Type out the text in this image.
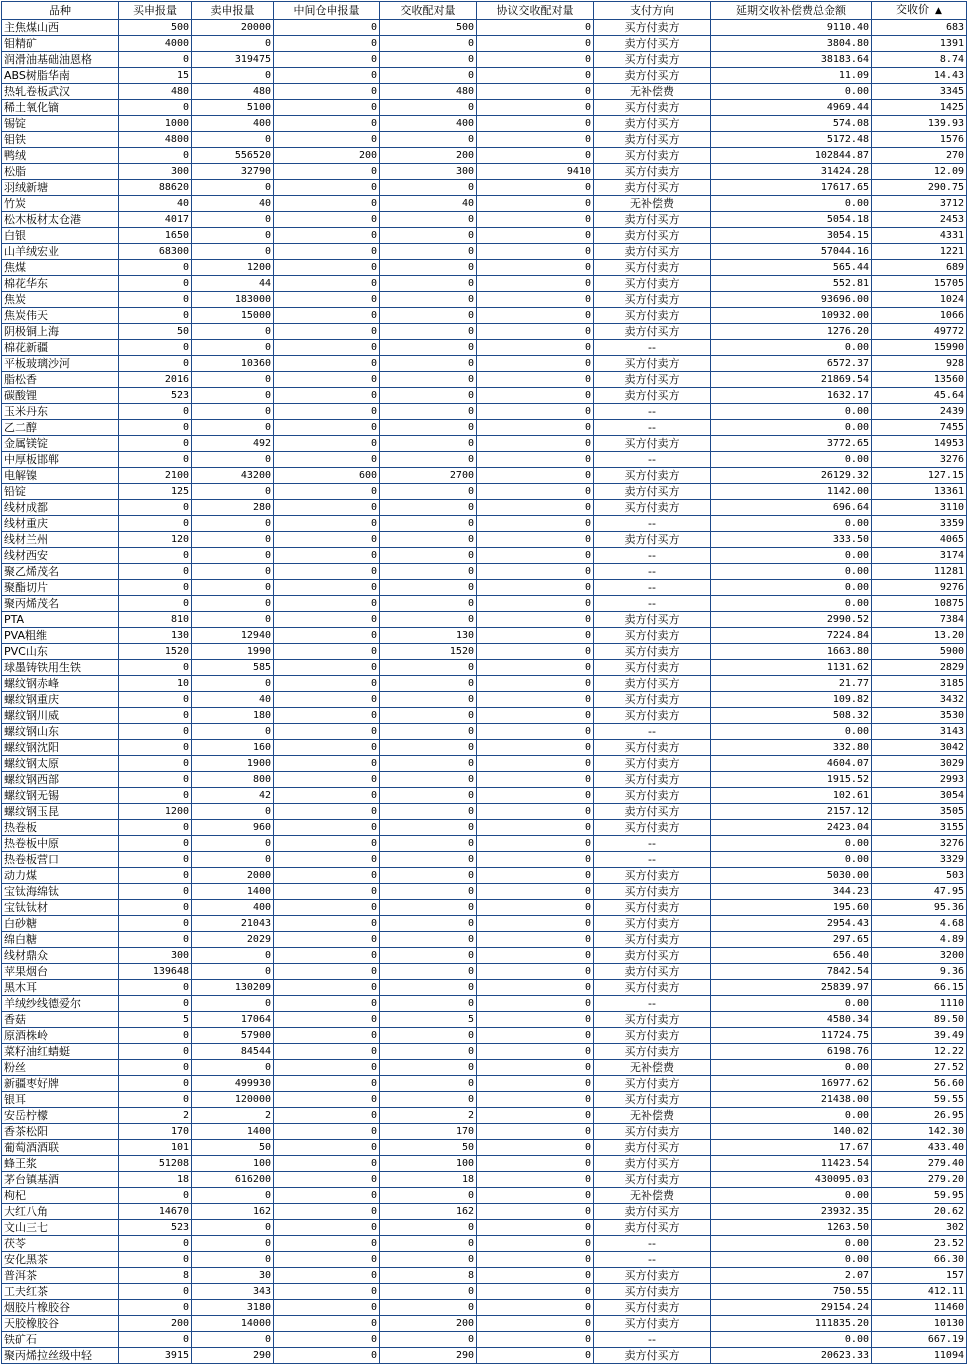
品种	买申报量	卖申报量	中间仓申报量	交收配对量	协议交收配对量	支付方向	延期交收补偿费总金额	交收价 ▲
主焦煤山西	500	20000	0	500	0	买方付卖方	9110.40	683
钼精矿	4000	0	0	0	0	卖方付买方	3804.80	1391
润滑油基础油恩格	0	319475	0	0	0	买方付卖方	38183.64	8.74
ABS树脂华南	15	0	0	0	0	卖方付买方	11.09	14.43
热轧卷板武汉	480	480	0	480	0	无补偿费	0.00	3345
稀土氧化镝	0	5100	0	0	0	买方付卖方	4969.44	1425
锡锭	1000	400	0	400	0	卖方付买方	574.08	139.93
钼铁	4800	0	0	0	0	卖方付买方	5172.48	1576
鸭绒	0	556520	200	200	0	买方付卖方	102844.87	270
松脂	300	32790	0	300	9410	买方付卖方	31424.28	12.09
羽绒新塘	88620	0	0	0	0	卖方付买方	17617.65	290.75
竹炭	40	40	0	40	0	无补偿费	0.00	3712
松木板材太仓港	4017	0	0	0	0	卖方付买方	5054.18	2453
白银	1650	0	0	0	0	卖方付买方	3054.15	4331
山羊绒宏业	68300	0	0	0	0	卖方付买方	57044.16	1221
焦煤	0	1200	0	0	0	买方付卖方	565.44	689
棉花华东	0	44	0	0	0	买方付卖方	552.81	15705
焦炭	0	183000	0	0	0	买方付卖方	93696.00	1024
焦炭伟天	0	15000	0	0	0	买方付卖方	10932.00	1066
阴极铜上海	50	0	0	0	0	卖方付买方	1276.20	49772
棉花新疆	0	0	0	0	0	--	0.00	15990
平板玻璃沙河	0	10360	0	0	0	买方付卖方	6572.37	928
脂松香	2016	0	0	0	0	卖方付买方	21869.54	13560
碳酸锂	523	0	0	0	0	卖方付买方	1632.17	45.64
玉米丹东	0	0	0	0	0	--	0.00	2439
乙二醇	0	0	0	0	0	--	0.00	7455
金属镁锭	0	492	0	0	0	买方付卖方	3772.65	14953
中厚板邯郸	0	0	0	0	0	--	0.00	3276
电解镍	2100	43200	600	2700	0	买方付卖方	26129.32	127.15
铅锭	125	0	0	0	0	卖方付买方	1142.00	13361
线材成都	0	280	0	0	0	买方付卖方	696.64	3110
线材重庆	0	0	0	0	0	--	0.00	3359
线材兰州	120	0	0	0	0	卖方付买方	333.50	4065
线材西安	0	0	0	0	0	--	0.00	3174
聚乙烯茂名	0	0	0	0	0	--	0.00	11281
聚酯切片	0	0	0	0	0	--	0.00	9276
聚丙烯茂名	0	0	0	0	0	--	0.00	10875
PTA	810	0	0	0	0	卖方付买方	2990.52	7384
PVA粗维	130	12940	0	130	0	买方付卖方	7224.84	13.20
PVC山东	1520	1990	0	1520	0	买方付卖方	1663.80	5900
球墨铸铁用生铁	0	585	0	0	0	买方付卖方	1131.62	2829
螺纹钢赤峰	10	0	0	0	0	卖方付买方	21.77	3185
螺纹钢重庆	0	40	0	0	0	买方付卖方	109.82	3432
螺纹钢川威	0	180	0	0	0	买方付卖方	508.32	3530
螺纹钢山东	0	0	0	0	0	--	0.00	3143
螺纹钢沈阳	0	160	0	0	0	买方付卖方	332.80	3042
螺纹钢太原	0	1900	0	0	0	买方付卖方	4604.07	3029
螺纹钢西部	0	800	0	0	0	买方付卖方	1915.52	2993
螺纹钢无锡	0	42	0	0	0	买方付卖方	102.61	3054
螺纹钢玉昆	1200	0	0	0	0	卖方付买方	2157.12	3505
热卷板	0	960	0	0	0	买方付卖方	2423.04	3155
热卷板中原	0	0	0	0	0	--	0.00	3276
热卷板营口	0	0	0	0	0	--	0.00	3329
动力煤	0	2000	0	0	0	买方付卖方	5030.00	503
宝钛海绵钛	0	1400	0	0	0	买方付卖方	344.23	47.95
宝钛钛材	0	400	0	0	0	买方付卖方	195.60	95.36
白砂糖	0	21043	0	0	0	买方付卖方	2954.43	4.68
绵白糖	0	2029	0	0	0	买方付卖方	297.65	4.89
线材鼎众	300	0	0	0	0	卖方付买方	656.40	3200
苹果烟台	139648	0	0	0	0	卖方付买方	7842.54	9.36
黑木耳	0	130209	0	0	0	买方付卖方	25839.97	66.15
羊绒纱线德爱尔	0	0	0	0	0	--	0.00	1110
香菇	5	17064	0	5	0	买方付卖方	4580.34	89.50
原酒株岭	0	57900	0	0	0	买方付卖方	11724.75	39.49
菜籽油红蜻蜓	0	84544	0	0	0	买方付卖方	6198.76	12.22
粉丝	0	0	0	0	0	无补偿费	0.00	27.52
新疆枣好牌	0	499930	0	0	0	买方付卖方	16977.62	56.60
银耳	0	120000	0	0	0	买方付卖方	21438.00	59.55
安岳柠檬	2	2	0	2	0	无补偿费	0.00	26.95
香茶松阳	170	1400	0	170	0	买方付卖方	140.02	142.30
葡萄酒酒联	101	50	0	50	0	卖方付买方	17.67	433.40
蜂王浆	51208	100	0	100	0	卖方付买方	11423.54	279.40
茅台镇基酒	18	616200	0	18	0	买方付卖方	430095.03	279.20
枸杞	0	0	0	0	0	无补偿费	0.00	59.95
大红八角	14670	162	0	162	0	卖方付买方	23932.35	20.62
文山三七	523	0	0	0	0	卖方付买方	1263.50	302
茯苓	0	0	0	0	0	--	0.00	23.52
安化黑茶	0	0	0	0	0	--	0.00	66.30
普洱茶	8	30	0	8	0	买方付卖方	2.07	157
工夫红茶	0	343	0	0	0	买方付卖方	750.55	412.11
烟胶片橡胶谷	0	3180	0	0	0	买方付卖方	29154.24	11460
天胶橡胶谷	200	14000	0	200	0	买方付卖方	111835.20	10130
铁矿石	0	0	0	0	0	--	0.00	667.19
聚丙烯拉丝级中轻	3915	290	0	290	0	卖方付买方	20623.33	11094
